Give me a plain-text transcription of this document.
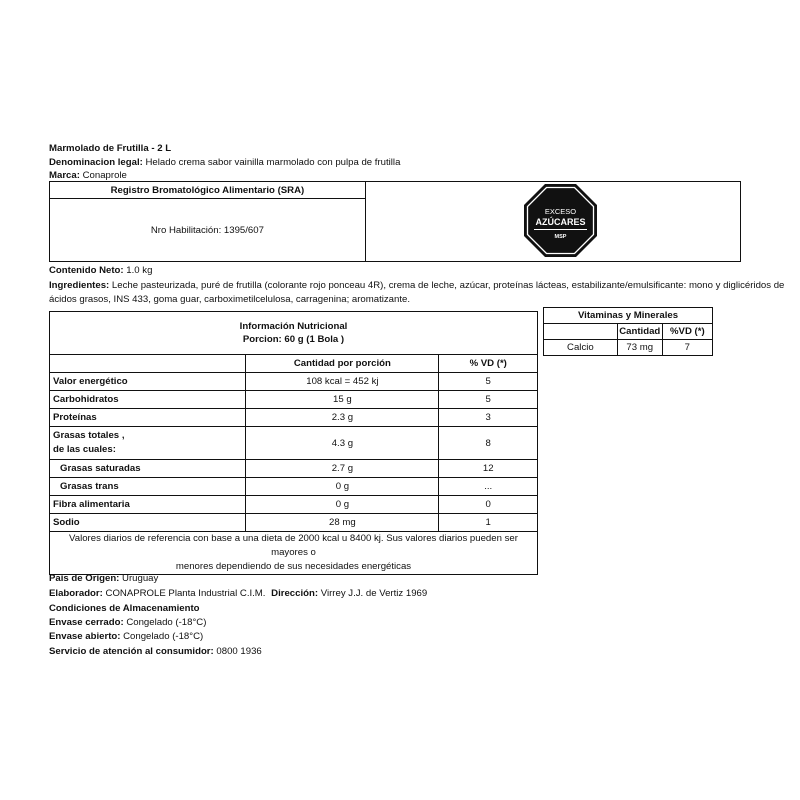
Marmolado de Frutilla - 2 L
Denominacion legal: Helado crema sabor vainilla marmolado con pulpa de frutilla
Marca: Conaprole
Registro Bromatológico Alimentario (SRA)	
Nro Habilitación: 1395/607
EXCESO
AZÚCARES
MSP
Contenido Neto: 1.0 kg
Ingredientes: Leche pasteurizada, puré de frutilla (colorante rojo ponceau 4R), crema de leche, azúcar, proteínas lácteas, estabilizante/emulsificante: mono y diglicéridos de
ácidos grasos, INS 433, goma guar, carboximetilcelulosa, carragenina; aromatizante.
Información Nutricional
Porcion: 60 g (1 Bola )		

	Cantidad por porción	% VD (*)
Valor energético	108 kcal = 452 kj	5
Carbohidratos	15 g	5
Proteínas	2.3 g	3

Grasas totales ,
de las cuales:	4.3 g	8
Grasas saturadas	2.7 g	12
Grasas trans	0 g	...
Fibra alimentaria	0 g	0
Sodio	28 mg	1

Valores diarios de referencia con base a una dieta de 2000 kcal u 8400 kj. Sus valores diarios pueden ser mayores o
menores dependiendo de sus necesidades energéticas		
Vitaminas y Minerales		
	Cantidad	%VD (*)
Calcio	73 mg	7
Pais de Origen: Uruguay
Elaborador: CONAPROLE Planta Industrial C.I.M. Dirección: Virrey J.J. de Vertiz 1969
Condiciones de Almacenamiento
Envase cerrado: Congelado (-18°C)
Envase abierto: Congelado (-18°C)
Servicio de atención al consumidor: 0800 1936
